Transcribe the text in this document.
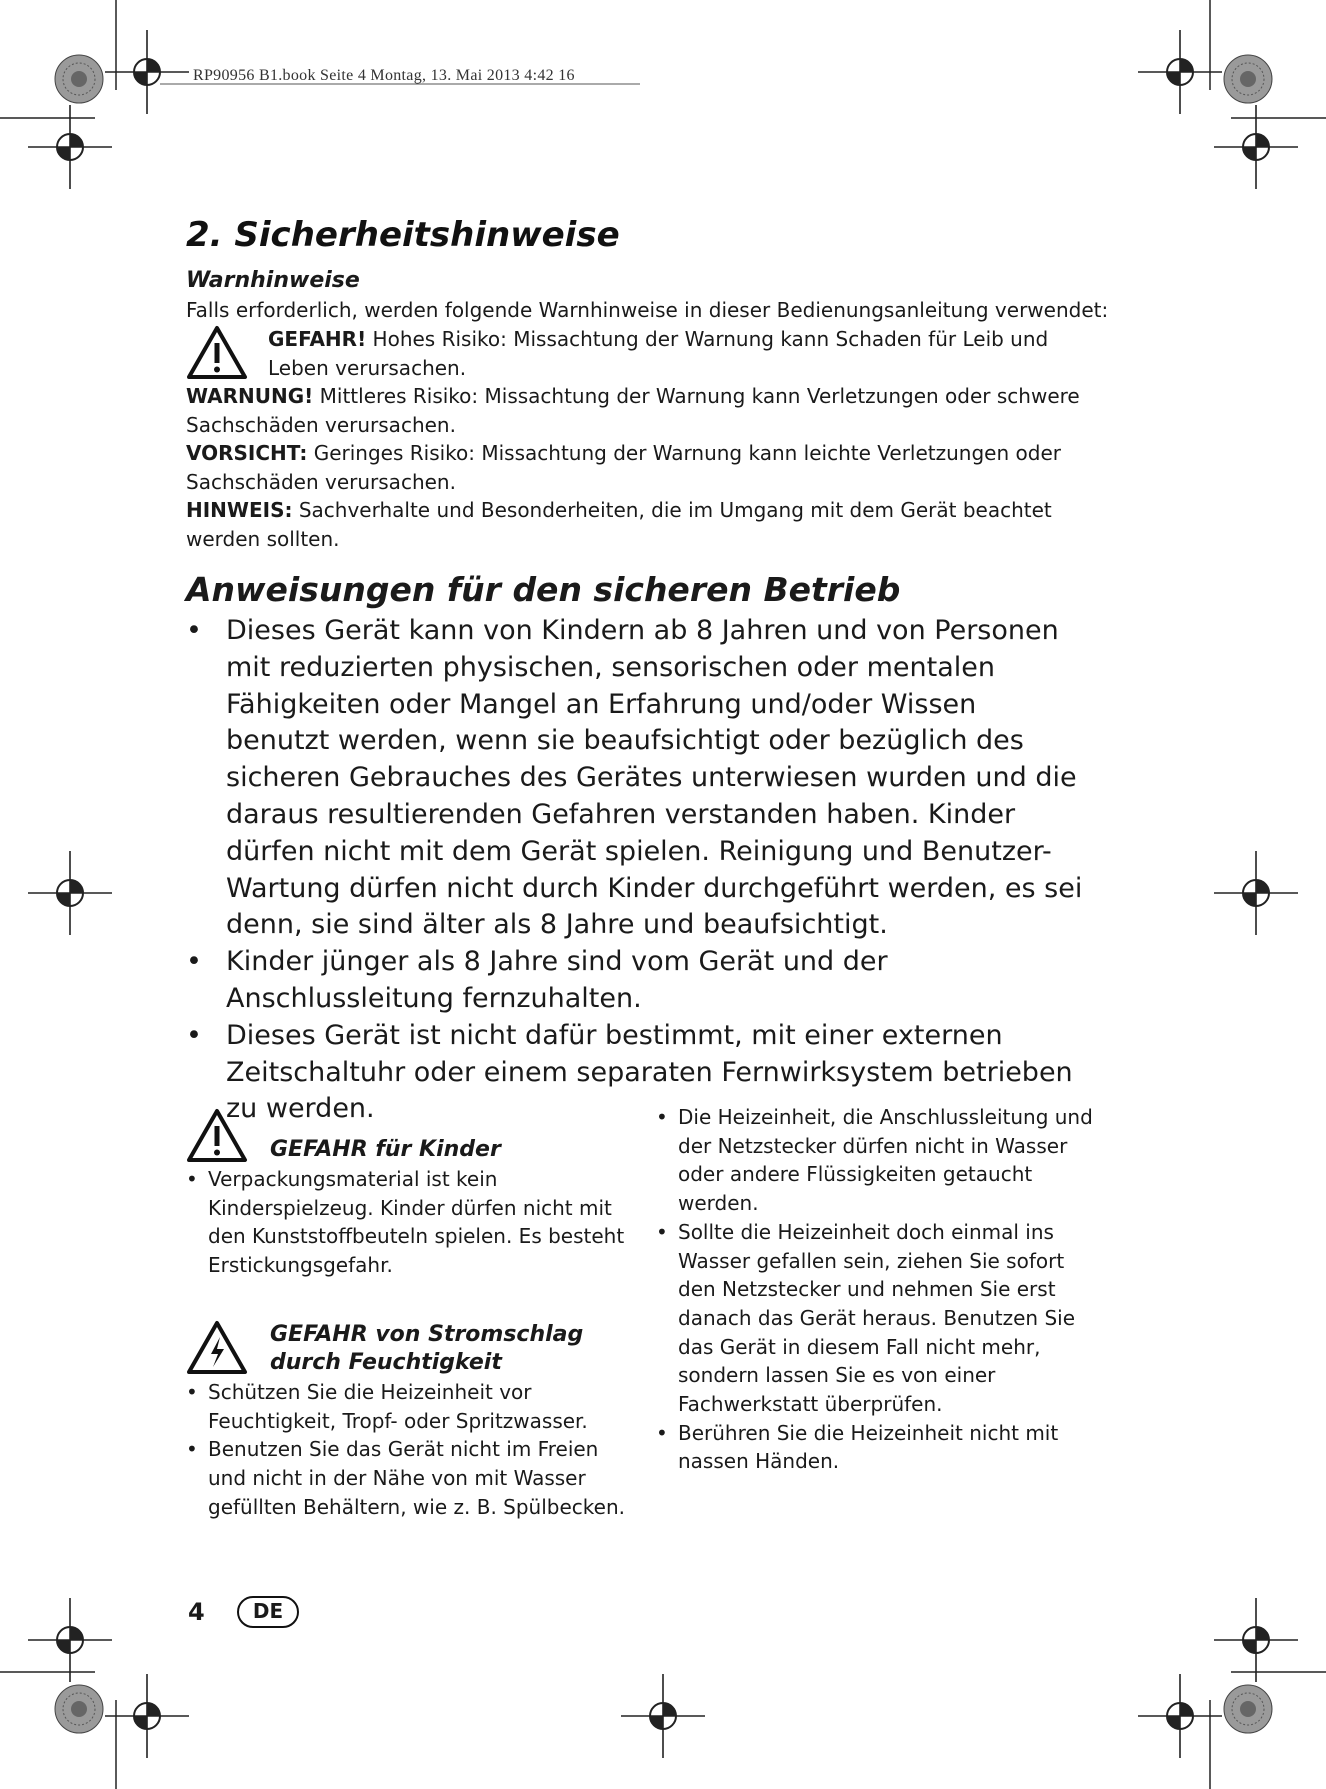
RP90956 B1.book Seite 4 Montag, 13. Mai 2013 4:42 16
2. Sicherheitshinweise
Warnhinweise
Falls erforderlich, werden folgende Warnhinweise in dieser Bedienungsanleitung verwendet:
GEFAHR! Hohes Risiko: Missachtung der Warnung kann Schaden für Leib und Leben verursachen.
WARNUNG! Mittleres Risiko: Missachtung der Warnung kann Verletzungen oder schwere Sachschäden verursachen.
VORSICHT: Geringes Risiko: Missachtung der Warnung kann leichte Verletzungen oder Sachschäden verursachen.
HINWEIS: Sachverhalte und Besonderheiten, die im Umgang mit dem Gerät beachtet werden sollten.
Anweisungen für den sicheren Betrieb
• Dieses Gerät kann von Kindern ab 8 Jahren und von Personen mit reduzierten physischen, sensorischen oder mentalen Fähigkeiten oder Mangel an Erfahrung und/oder Wissen benutzt werden, wenn sie beaufsichtigt oder bezüglich des sicheren Gebrauches des Gerätes unterwiesen wurden und die daraus resultierenden Gefahren verstanden haben. Kinder dürfen nicht mit dem Gerät spielen. Reinigung und Benutzer-Wartung dürfen nicht durch Kinder durchgeführt werden, es sei denn, sie sind älter als 8 Jahre und beaufsichtigt.
• Kinder jünger als 8 Jahre sind vom Gerät und der Anschlussleitung fernzuhalten.
• Dieses Gerät ist nicht dafür bestimmt, mit einer externen Zeitschaltuhr oder einem separaten Fernwirksystem betrieben zu werden.
GEFAHR für Kinder
• Verpackungsmaterial ist kein Kinderspielzeug. Kinder dürfen nicht mit den Kunststoffbeuteln spielen. Es besteht Erstickungsgefahr.
GEFAHR von Stromschlag
durch Feuchtigkeit
• Schützen Sie die Heizeinheit vor Feuchtigkeit, Tropf- oder Spritzwasser.
• Benutzen Sie das Gerät nicht im Freien und nicht in der Nähe von mit Wasser gefüllten Behältern, wie z. B. Spülbecken.
• Die Heizeinheit, die Anschlussleitung und der Netzstecker dürfen nicht in Wasser oder andere Flüssigkeiten getaucht werden.
• Sollte die Heizeinheit doch einmal ins Wasser gefallen sein, ziehen Sie sofort den Netzstecker und nehmen Sie erst danach das Gerät heraus. Benutzen Sie das Gerät in diesem Fall nicht mehr, sondern lassen Sie es von einer Fachwerkstatt überprüfen.
• Berühren Sie die Heizeinheit nicht mit nassen Händen.
4	DE
